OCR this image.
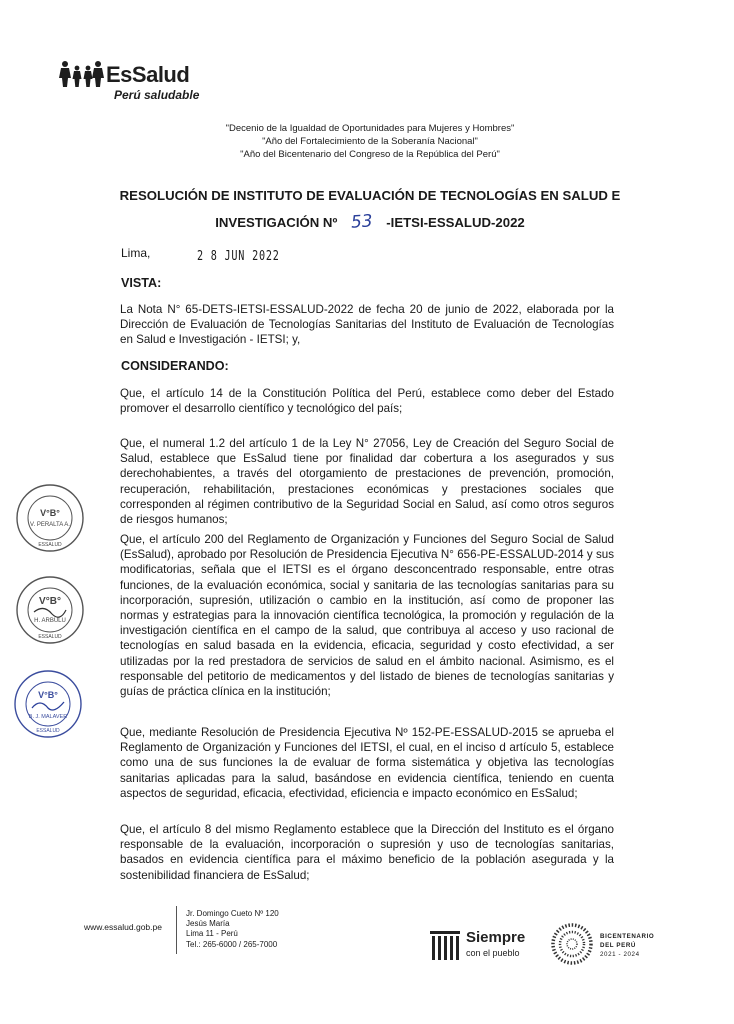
EsSalud
Perú saludable
"Decenio de la Igualdad de Oportunidades para Mujeres y Hombres"
"Año del Fortalecimiento de la Soberanía Nacional"
"Año del Bicentenario del Congreso de la República del Perú"
RESOLUCIÓN DE INSTITUTO DE EVALUACIÓN DE TECNOLOGÍAS EN SALUD E
INVESTIGACIÓN Nº 53 -IETSI-ESSALUD-2022
Lima,	2 8 JUN 2022
VISTA:
La Nota N° 65-DETS-IETSI-ESSALUD-2022 de fecha 20 de junio de 2022, elaborada por la Dirección de Evaluación de Tecnologías Sanitarias del Instituto de Evaluación de Tecnologías en Salud e Investigación - IETSI; y,
CONSIDERANDO:
Que, el artículo 14 de la Constitución Política del Perú, establece como deber del Estado promover el desarrollo científico y tecnológico del país;
Que, el numeral 1.2 del artículo 1 de la Ley N° 27056, Ley de Creación del Seguro Social de Salud, establece que EsSalud tiene por finalidad dar cobertura a los asegurados y sus derechohabientes, a través del otorgamiento de prestaciones de prevención, promoción, recuperación, rehabilitación, prestaciones económicas y prestaciones sociales que corresponden al régimen contributivo de la Seguridad Social en Salud, así como otros seguros de riesgos humanos;
Que, el artículo 200 del Reglamento de Organización y Funciones del Seguro Social de Salud (EsSalud), aprobado por Resolución de Presidencia Ejecutiva N° 656-PE-ESSALUD-2014 y sus modificatorias, señala que el IETSI es el órgano desconcentrado responsable, entre otras funciones, de la evaluación económica, social y sanitaria de las tecnologías sanitarias para su incorporación, supresión, utilización o cambio en la institución, así como de proponer las normas y estrategias para la innovación científica tecnológica, la promoción y regulación de la investigación científica en el campo de la salud, que contribuya al acceso y uso racional de tecnologías en salud basada en la evidencia, eficacia, seguridad y costo efectividad, a ser utilizadas por la red prestadora de servicios de salud en el ámbito nacional. Asimismo, es el responsable del petitorio de medicamentos y del listado de bienes de tecnologías sanitarias y guías de práctica clínica en la institución;
Que, mediante Resolución de Presidencia Ejecutiva Nº 152-PE-ESSALUD-2015 se aprueba el Reglamento de Organización y Funciones del IETSI, el cual, en el inciso d artículo 5, establece como una de sus funciones la de evaluar de forma sistemática y objetiva las tecnologías sanitarias aplicadas para la salud, basándose en evidencia científica, teniendo en cuenta aspectos de seguridad, eficacia, efectividad, eficiencia e impacto económico en EsSalud;
Que, el artículo 8 del mismo Reglamento establece que la Dirección del Instituto es el órgano responsable de la evaluación, incorporación o supresión y uso de tecnologías sanitarias, basados en evidencia científica para el máximo beneficio de la población asegurada y la sostenibilidad financiera de EsSalud;
V°B°
V. PERALTA A.
ESSALUD
V°B°
H. ARBULU
ESSALUD
V°B°
B. J. MALAVER
ESSALUD
www.essalud.gob.pe
Jr. Domingo Cueto Nº 120
Jesús María
Lima 11 - Perú
Tel.: 265-6000 / 265-7000	Siempre
con el pueblo
BICENTENARIO
DEL PERÚ
2021 - 2024
